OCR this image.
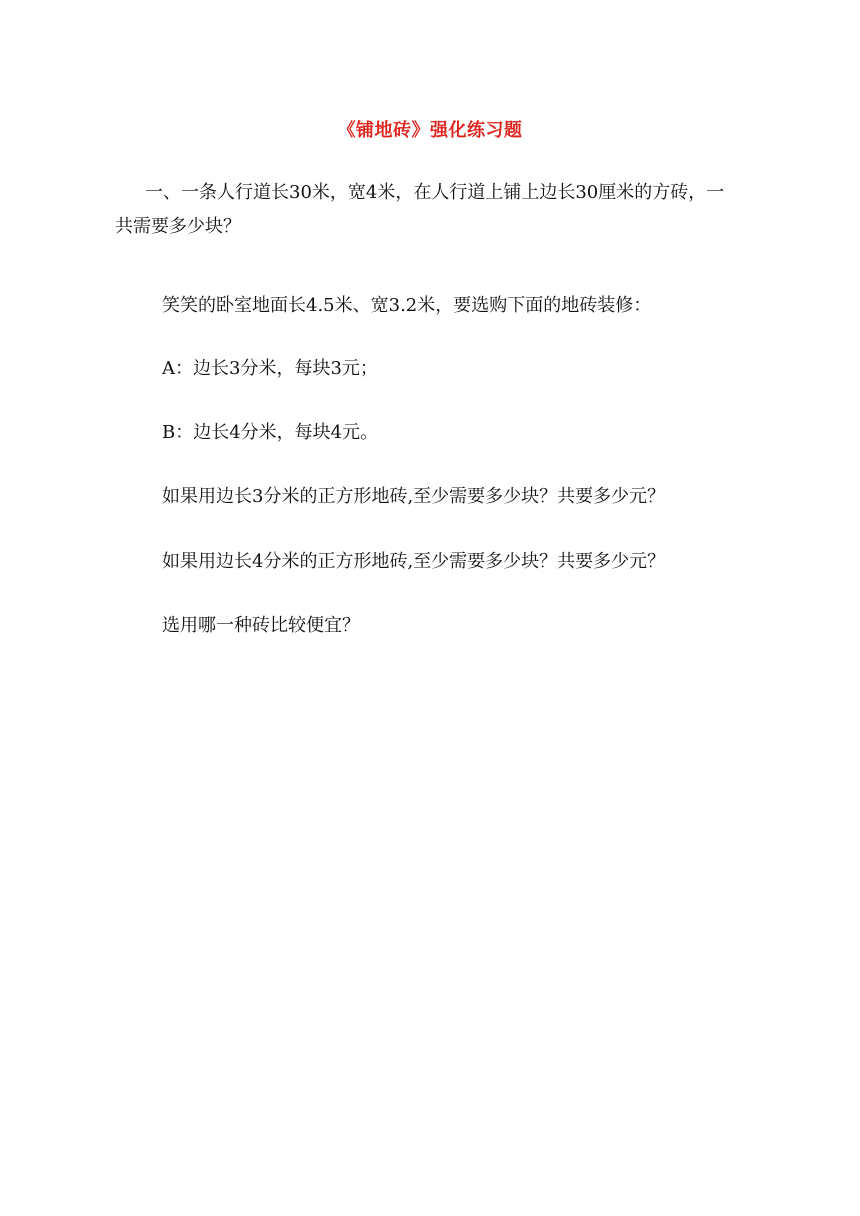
《铺地砖》强化练习题

一、一条人行道长30米，宽4米，在人行道上铺上边长30厘米的方砖，一共需要多少块？

笑笑的卧室地面长4.5米、宽3.2米，要选购下面的地砖装修：
A：边长3分米，每块3元；
B：边长4分米，每块4元。
如果用边长3分米的正方形地砖,至少需要多少块？共要多少元？
如果用边长4分米的正方形地砖,至少需要多少块？共要多少元？
选用哪一种砖比较便宜？
